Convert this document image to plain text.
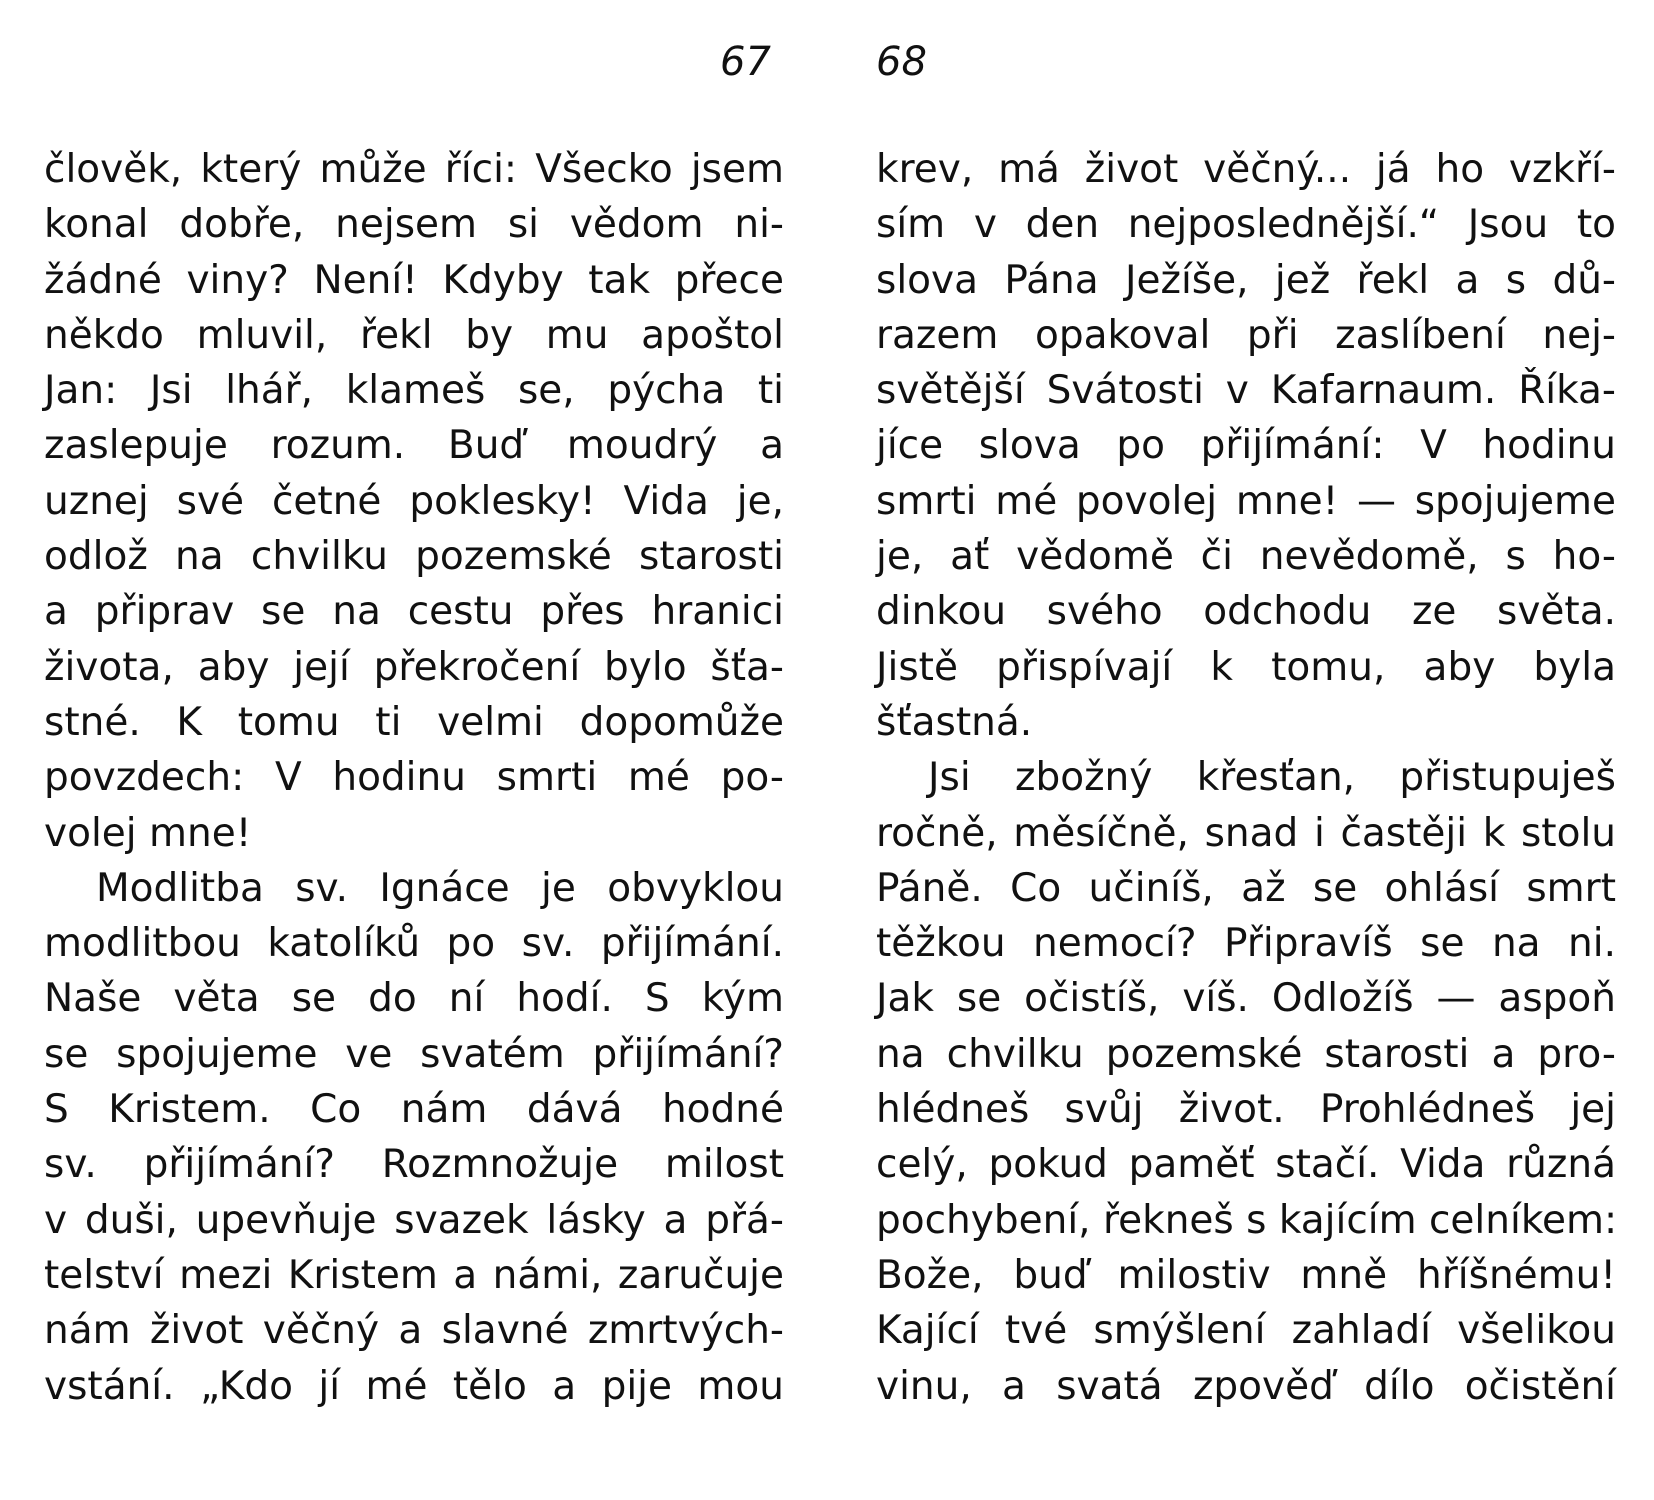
67	68
člověk, který může říci: Všecko jsem
konal dobře, nejsem si vědom ni-
žádné viny? Není! Kdyby tak přece
někdo mluvil, řekl by mu apoštol
Jan: Jsi lhář, klameš se, pýcha ti
zaslepuje rozum. Buď moudrý a
uznej své četné poklesky! Vida je,
odlož na chvilku pozemské starosti
a připrav se na cestu přes hranici
života, aby její překročení bylo šťa-
stné. K tomu ti velmi dopomůže
povzdech: V hodinu smrti mé po-
volej mne!
Modlitba sv. Ignáce je obvyklou
modlitbou katolíků po sv. přijímání.
Naše věta se do ní hodí. S kým
se spojujeme ve svatém přijímání?
S Kristem. Co nám dává hodné
sv. přijímání? Rozmnožuje milost
v duši, upevňuje svazek lásky a přá-
telství mezi Kristem a námi, zaručuje
nám život věčný a slavné zmrtvých-
vstání. „Kdo jí mé tělo a pije mou
krev, má život věčný... já ho vzkří-
sím v den nejposlednější.“ Jsou to
slova Pána Ježíše, jež řekl a s dů-
razem opakoval při zaslíbení nej-
světější Svátosti v Kafarnaum. Říka-
jíce slova po přijímání: V hodinu
smrti mé povolej mne! — spojujeme
je, ať vědomě či nevědomě, s ho-
dinkou svého odchodu ze světa.
Jistě přispívají k tomu, aby byla
šťastná.
Jsi zbožný křesťan, přistupuješ
ročně, měsíčně, snad i častěji k stolu
Páně. Co učiníš, až se ohlásí smrt
těžkou nemocí? Připravíš se na ni.
Jak se očistíš, víš. Odložíš — aspoň
na chvilku pozemské starosti a pro-
hlédneš svůj život. Prohlédneš jej
celý, pokud paměť stačí. Vida různá
pochybení, řekneš s kajícím celníkem:
Bože, buď milostiv mně hříšnému!
Kající tvé smýšlení zahladí všelikou
vinu, a svatá zpověď dílo očistění
